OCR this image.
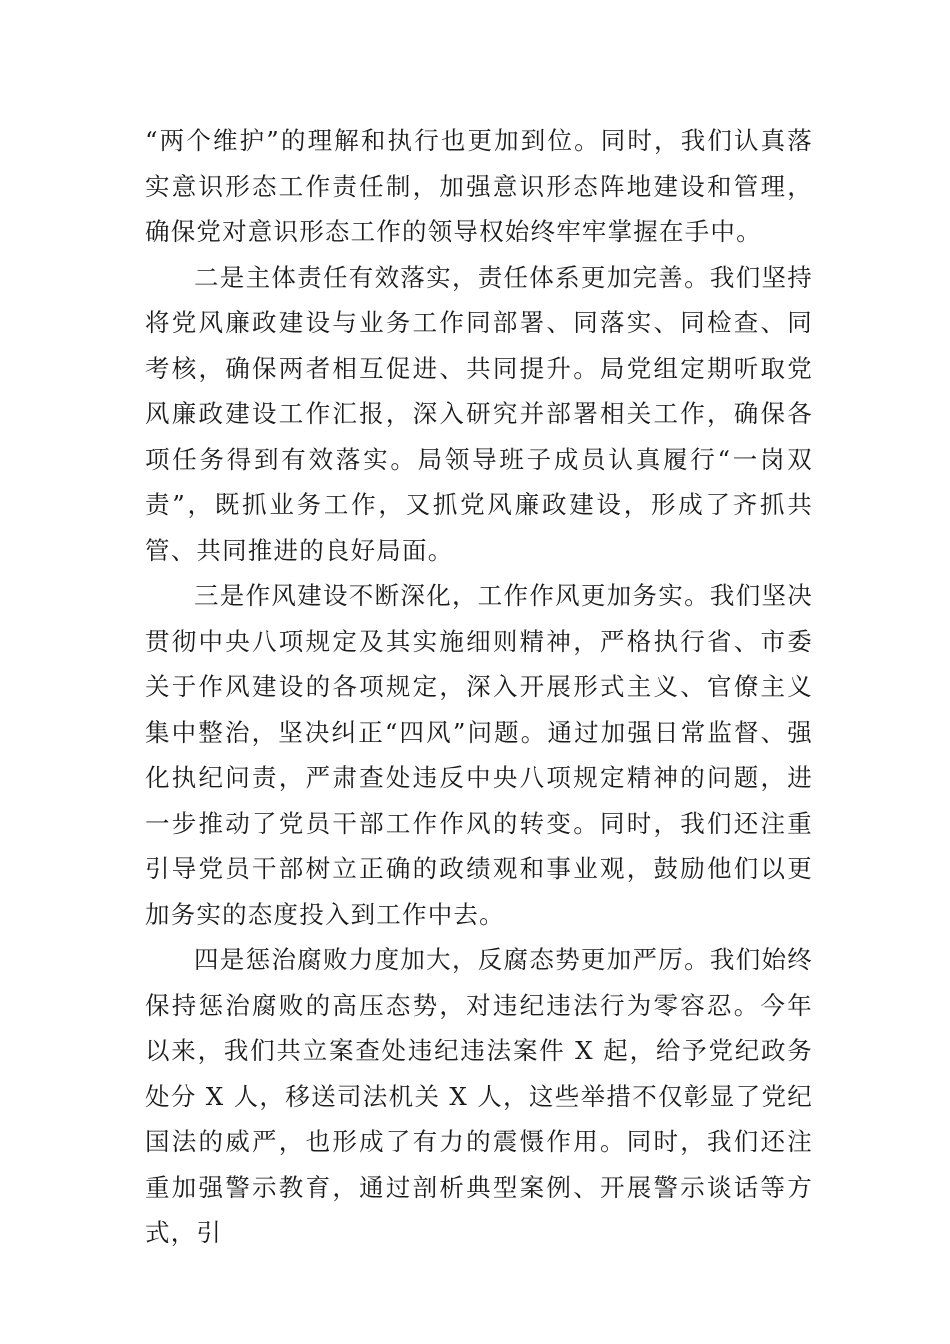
“两个维护”的理解和执行也更加到位。同时，我们认真落实意识形态工作责任制，加强意识形态阵地建设和管理，确保党对意识形态工作的领导权始终牢牢掌握在手中。

二是主体责任有效落实，责任体系更加完善。我们坚持将党风廉政建设与业务工作同部署、同落实、同检查、同考核，确保两者相互促进、共同提升。局党组定期听取党风廉政建设工作汇报，深入研究并部署相关工作，确保各项任务得到有效落实。局领导班子成员认真履行“一岗双责”，既抓业务工作，又抓党风廉政建设，形成了齐抓共管、共同推进的良好局面。

三是作风建设不断深化，工作作风更加务实。我们坚决贯彻中央八项规定及其实施细则精神，严格执行省、市委关于作风建设的各项规定，深入开展形式主义、官僚主义集中整治，坚决纠正“四风”问题。通过加强日常监督、强化执纪问责，严肃查处违反中央八项规定精神的问题，进一步推动了党员干部工作作风的转变。同时，我们还注重引导党员干部树立正确的政绩观和事业观，鼓励他们以更加务实的态度投入到工作中去。

四是惩治腐败力度加大，反腐态势更加严厉。我们始终保持惩治腐败的高压态势，对违纪违法行为零容忍。今年以来，我们共立案查处违纪违法案件 X 起，给予党纪政务处分 X 人，移送司法机关 X 人，这些举措不仅彰显了党纪国法的威严，也形成了有力的震慑作用。同时，我们还注重加强警示教育，通过剖析典型案例、开展警示谈话等方式，引
